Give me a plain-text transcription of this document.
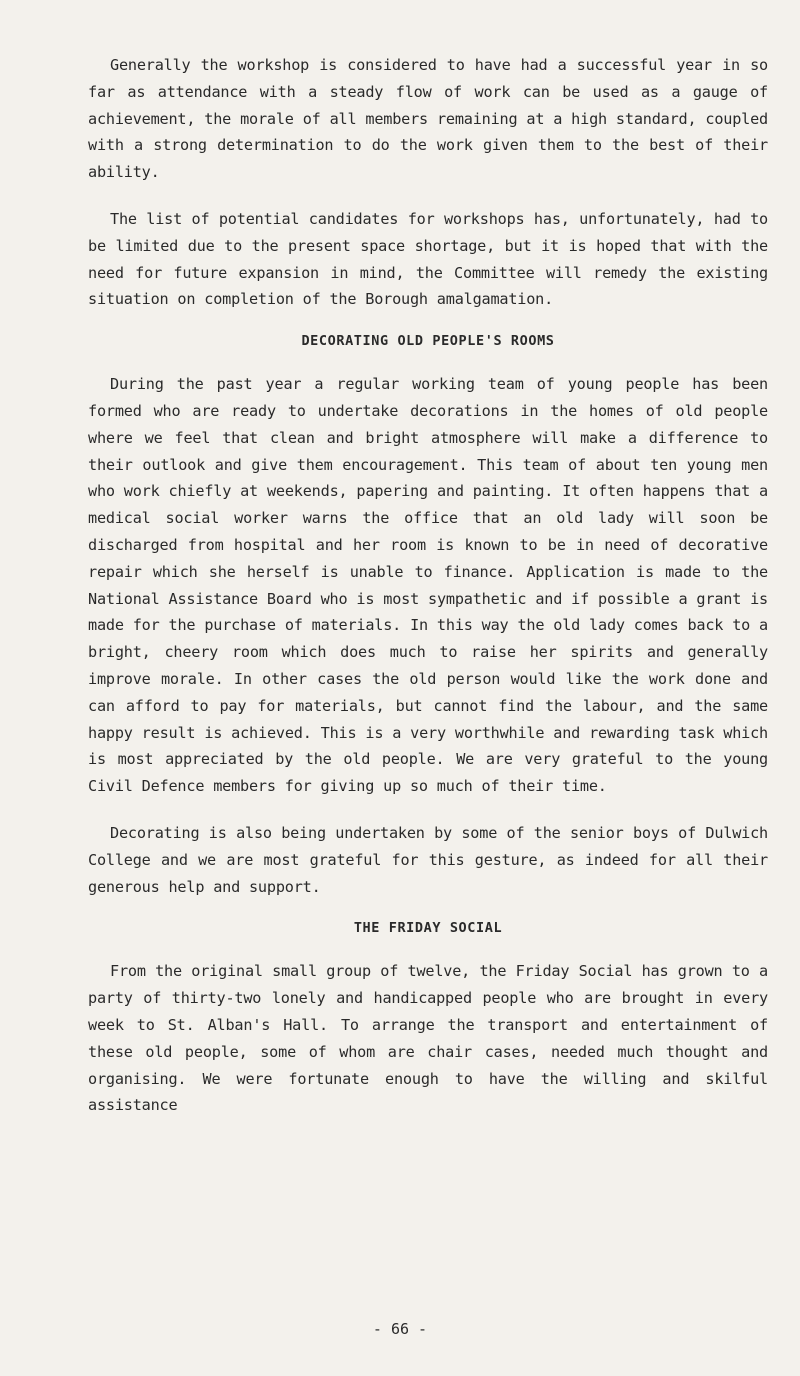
Generally the workshop is considered to have had a successful year in so far as attendance with a steady flow of work can be used as a gauge of achievement, the morale of all members remaining at a high standard, coupled with a strong determination to do the work given them to the best of their ability.

The list of potential candidates for workshops has, unfortunately, had to be limited due to the present space shortage, but it is hoped that with the need for future expansion in mind, the Committee will remedy the existing situation on completion of the Borough amalgamation.

DECORATING OLD PEOPLE'S ROOMS

During the past year a regular working team of young people has been formed who are ready to undertake decorations in the homes of old people where we feel that clean and bright atmosphere will make a difference to their outlook and give them encouragement. This team of about ten young men who work chiefly at weekends, papering and painting. It often happens that a medical social worker warns the office that an old lady will soon be discharged from hospital and her room is known to be in need of decorative repair which she herself is unable to finance. Application is made to the National Assistance Board who is most sympathetic and if possible a grant is made for the purchase of materials. In this way the old lady comes back to a bright, cheery room which does much to raise her spirits and generally improve morale. In other cases the old person would like the work done and can afford to pay for materials, but cannot find the labour, and the same happy result is achieved. This is a very worthwhile and rewarding task which is most appreciated by the old people. We are very grateful to the young Civil Defence members for giving up so much of their time.

Decorating is also being undertaken by some of the senior boys of Dulwich College and we are most grateful for this gesture, as indeed for all their generous help and support.

THE FRIDAY SOCIAL

From the original small group of twelve, the Friday Social has grown to a party of thirty-two lonely and handicapped people who are brought in every week to St. Alban's Hall. To arrange the transport and entertainment of these old people, some of whom are chair cases, needed much thought and organising. We were fortunate enough to have the willing and skilful assistance

- 66 -
